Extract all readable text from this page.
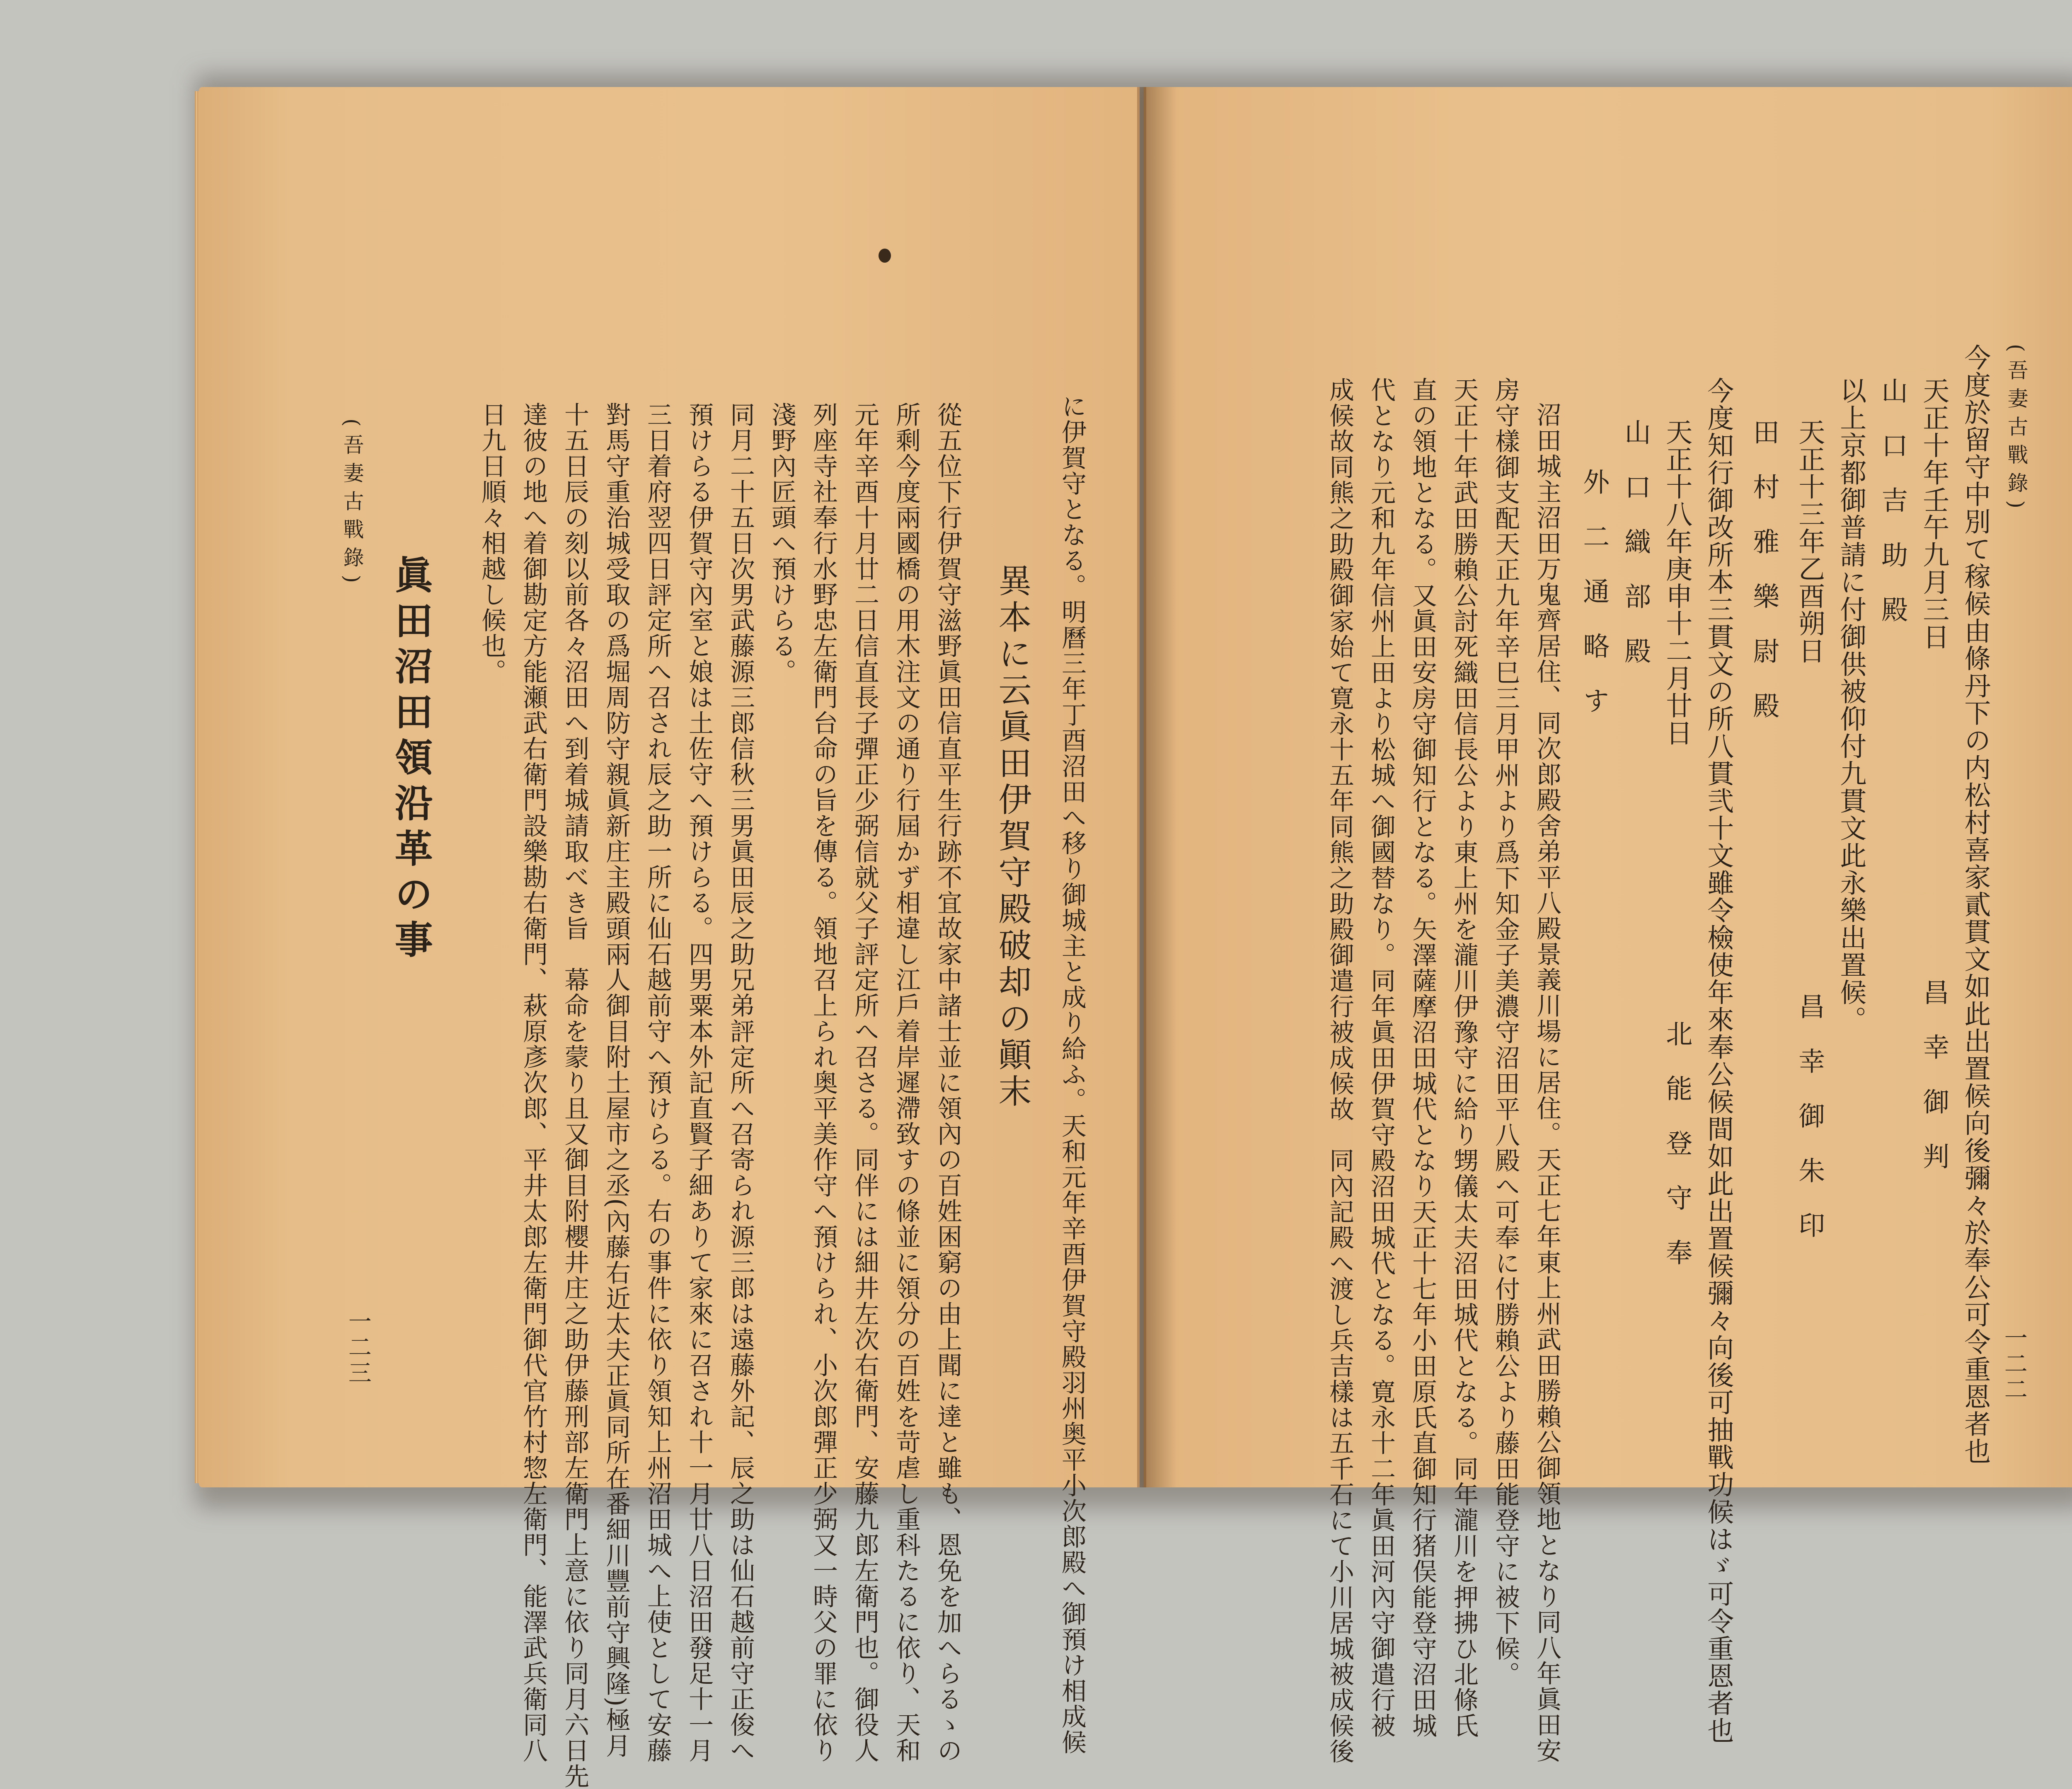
(吾妻古戰錄)
今度於留守中別て稼候由條丹下の内松村喜家貳貫文如此出置候向後彌々於奉公可令重恩者也
天正十年壬午九月三日　　　　　　　　　　　　昌　幸　御　判
山　口　吉　助　殿
以上京都御普請に付御供被仰付九貫文此永樂出置候。
天正十三年乙酉朔日　　　　　　　　　　　　昌　幸　御　朱　印
田　村　雅　樂　尉　殿
今度知行御改所本三貫文の所八貫弐十文雖令檢使年來奉公候間如此出置候彌々向後可抽戰功候はゞ可令重恩者也
天正十八年庚申十二月廿日　　　　　　　　　　北　能　登　守　奉
山　口　織　部　殿
外　二　通　略　す
沼田城主沼田万鬼齊居住、同次郎殿舍弟平八殿景義川場に居住。天正七年東上州武田勝賴公御領地となり同八年眞田安
房守樣御支配天正九年辛巳三月甲州より爲下知金子美濃守沼田平八殿へ可奉に付勝賴公より藤田能登守に被下候。
天正十年武田勝賴公討死織田信長公より東上州を瀧川伊豫守に給り甥儀太夫沼田城代となる。同年瀧川を押拂ひ北條氏
直の領地となる。又眞田安房守御知行となる。矢澤薩摩沼田城代となり天正十七年小田原氏直御知行猪俣能登守沼田城
代となり元和九年信州上田より松城へ御國替なり。同年眞田伊賀守殿沼田城代となる。寛永十二年眞田河內守御遣行被
成候故同熊之助殿御家始て寛永十五年同熊之助殿御遣行被成候故　同內記殿へ渡し兵吉樣は五千石にて小川居城被成候後	一二二
に伊賀守となる。明曆三年丁酉沼田へ移り御城主と成り給ふ。天和元年辛酉伊賀守殿羽州奥平小次郎殿へ御預け相成候
異本に云眞田伊賀守殿破却の顚末
從五位下行伊賀守滋野眞田信直平生行跡不宜故家中諸士並に領內の百姓困窮の由上聞に達と雖も、恩免を加へらるゝの
所剩今度兩國橋の用木注文の通り行屆かず相違し江戶着岸遲滯致すの條並に領分の百姓を苛虐し重科たるに依り、天和
元年辛酉十月廿二日信直長子彈正少弼信就父子評定所へ召さる。同伴には細井左次右衛門、安藤九郎左衛門也。御役人
列座寺社奉行水野忠左衛門台命の旨を傳る。領地召上られ奥平美作守へ預けられ、小次郎彈正少弼又一時父の罪に依り
淺野內匠頭へ預けらる。
同月二十五日次男武藤源三郎信秋三男眞田辰之助兄弟評定所へ召寄られ源三郎は遠藤外記、辰之助は仙石越前守正俊へ
預けらる伊賀守內室と娘は土佐守へ預けらる。四男粟本外記直賢子細ありて家來に召され十一月廿八日沼田發足十一月
三日着府翌四日評定所へ召され辰之助一所に仙石越前守へ預けらる。右の事件に依り領知上州沼田城へ上使として安藤
對馬守重治城受取の爲堀周防守親眞新庄主殿頭兩人御目附土屋市之丞(內藤右近太夫正眞同所在番細川豐前守興隆)極月
十五日辰の刻以前各々沼田へ到着城請取べき旨　幕命を蒙り且又御目附櫻井庄之助伊藤刑部左衛門上意に依り同月六日先
達彼の地へ着御勘定方能瀬武右衛門設樂勘右衛門、萩原彥次郎、平井太郎左衛門御代官竹村惣左衛門、能澤武兵衛同八
日九日順々相越し候也。
眞田沼田領沿革の事
(吾妻古戰錄)
一二三
